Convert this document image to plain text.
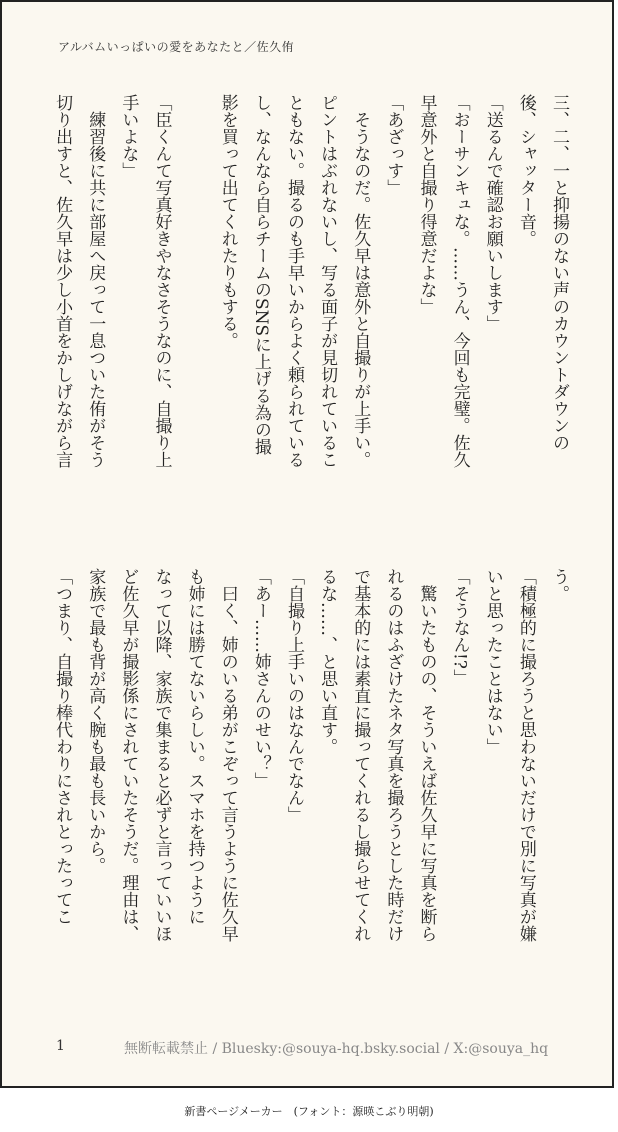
アルバムいっぱいの愛をあなたと／佐久侑
三、二、一と抑揚のない声のカウントダウンの
後、シャッター音。
「送るんで確認お願いします」
「おーサンキュな。……うん、今回も完璧。佐久
早意外と自撮り得意だよな」
「あざっす」
　そうなのだ。佐久早は意外と自撮りが上手い。
ピントはぶれないし、写る面子が見切れているこ
ともない。撮るのも手早いからよく頼られている
し、なんなら自らチームのSNSに上げる為の撮
影を買って出てくれたりもする。
「臣くんて写真好きやなさそうなのに、自撮り上
手いよな」
　練習後に共に部屋へ戻って一息ついた侑がそう
切り出すと、佐久早は少し小首をかしげながら言
う。
「積極的に撮ろうと思わないだけで別に写真が嫌
いと思ったことはない」
「そうなん!?」
　驚いたものの、そういえば佐久早に写真を断ら
れるのはふざけたネタ写真を撮ろうとした時だけ
で基本的には素直に撮ってくれるし撮らせてくれ
るな……、と思い直す。
「自撮り上手いのはなんでなん」
「あー……姉さんのせい？」
　曰く、姉のいる弟がこぞって言うように佐久早
も姉には勝てないらしい。スマホを持つように
なって以降、家族で集まると必ずと言っていいほ
ど佐久早が撮影係にされていたそうだ。理由は、
家族で最も背が高く腕も最も長いから。
「つまり、自撮り棒代わりにされとったってこ
1	無断転載禁止 / Bluesky:@souya-hq.bsky.social / X:@souya_hq
新書ページメーカー　(フォント：源暎こぶり明朝)
